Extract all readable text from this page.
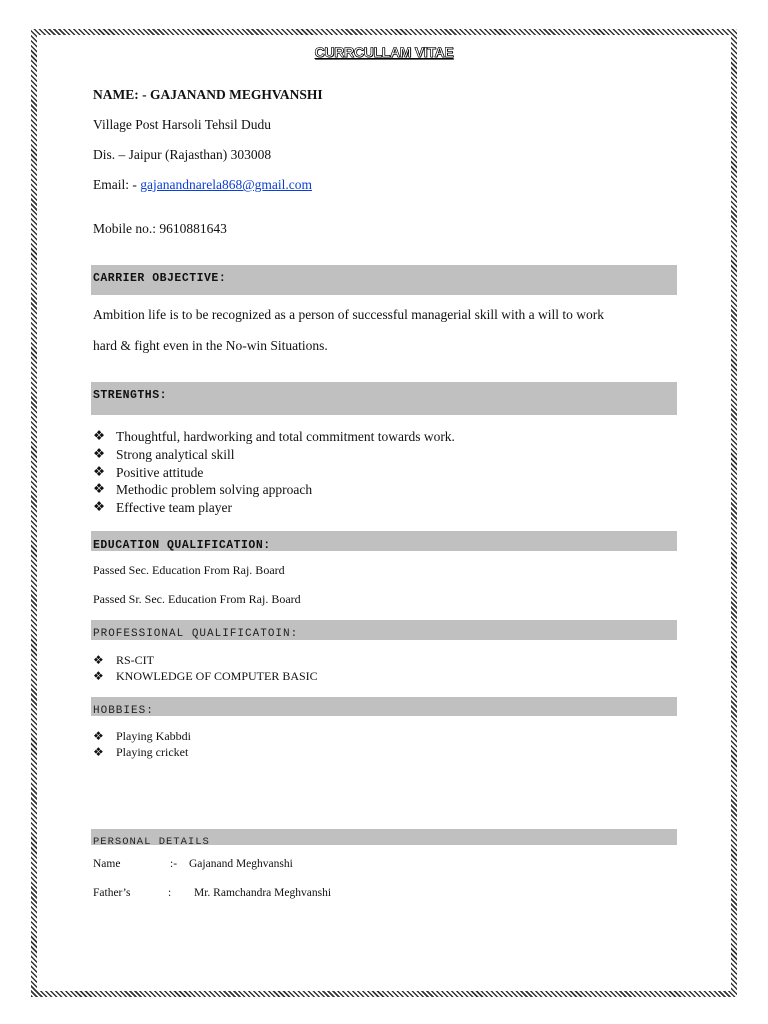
CURRCULLAM VITAE
NAME: - GAJANAND MEGHVANSHI
Village Post Harsoli Tehsil Dudu
Dis. – Jaipur (Rajasthan) 303008
Email: - gajanandnarela868@gmail.com
Mobile no.: 9610881643
CARRIER OBJECTIVE:
Ambition life is to be recognized as a person of successful managerial skill with a will to work
hard & fight even in the No-win Situations.
STRENGTHS:
❖ Thoughtful, hardworking and total commitment towards work.
❖ Strong analytical skill
❖ Positive attitude
❖ Methodic problem solving approach
❖ Effective team player
EDUCATION QUALIFICATION:
Passed Sec. Education From Raj. Board
Passed Sr. Sec. Education From Raj. Board
PROFESSIONAL QUALIFICATOIN:
❖ RS-CIT
❖ KNOWLEDGE OF COMPUTER BASIC
HOBBIES:
❖ Playing Kabbdi
❖ Playing cricket
PERSONAL DETAILS
Name	:- Gajanand Meghvanshi
Father’s	: Mr. Ramchandra Meghvanshi
